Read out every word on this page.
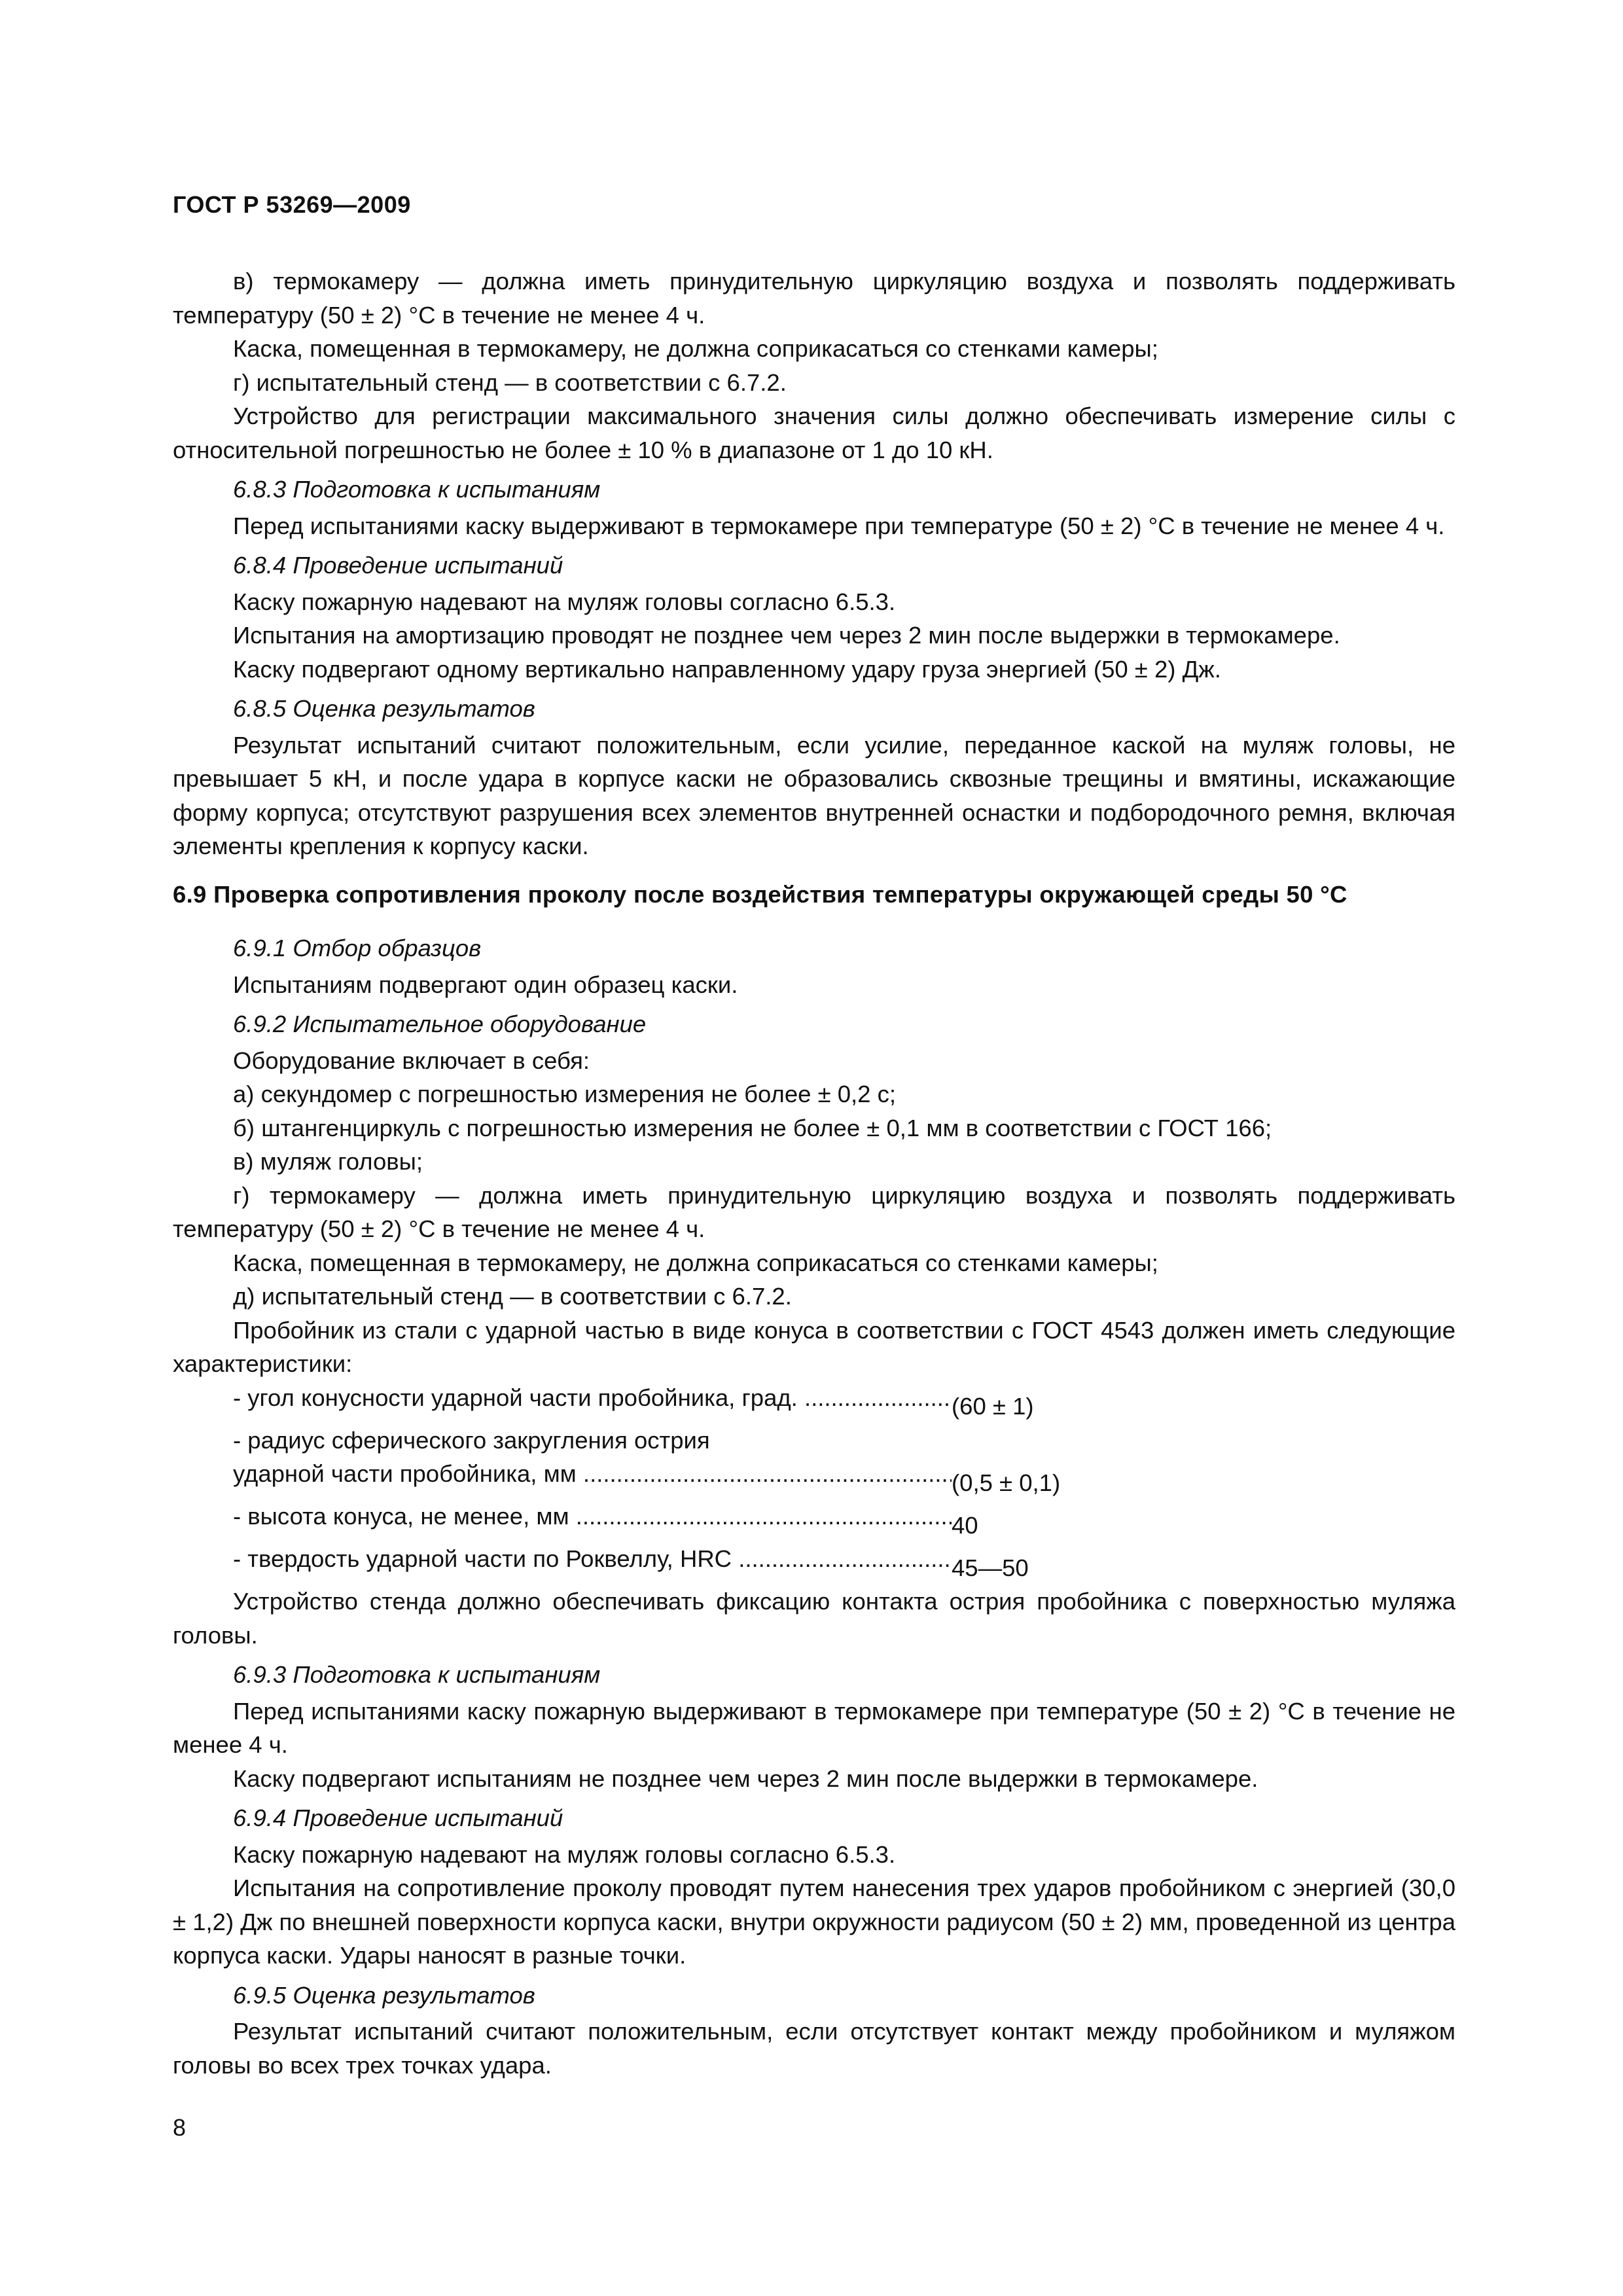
ГОСТ Р 53269—2009

в) термокамеру — должна иметь принудительную циркуляцию воздуха и позволять поддерживать температуру (50 ± 2) °С в течение не менее 4 ч.

Каска, помещенная в термокамеру, не должна соприкасаться со стенками камеры;

г) испытательный стенд — в соответствии с 6.7.2.

Устройство для регистрации максимального значения силы должно обеспечивать измерение силы с относительной погрешностью не более ± 10 % в диапазоне от 1 до 10 кН.

6.8.3 Подготовка к испытаниям

Перед испытаниями каску выдерживают в термокамере при температуре (50 ± 2) °С в течение не менее 4 ч.

6.8.4 Проведение испытаний

Каску пожарную надевают на муляж головы согласно 6.5.3.

Испытания на амортизацию проводят не позднее чем через 2 мин после выдержки в термокамере.

Каску подвергают одному вертикально направленному удару груза энергией (50 ± 2) Дж.

6.8.5 Оценка результатов

Результат испытаний считают положительным, если усилие, переданное каской на муляж головы, не превышает 5 кН, и после удара в корпусе каски не образовались сквозные трещины и вмятины, искажающие форму корпуса; отсутствуют разрушения всех элементов внутренней оснастки и подбородочного ремня, включая элементы крепления к корпусу каски.

6.9 Проверка сопротивления проколу после воздействия температуры окружающей среды 50 °С

6.9.1 Отбор образцов

Испытаниям подвергают один образец каски.

6.9.2 Испытательное оборудование

Оборудование включает в себя:

а) секундомер с погрешностью измерения не более ± 0,2 с;

б) штангенциркуль с погрешностью измерения не более ± 0,1 мм в соответствии с ГОСТ 166;

в) муляж головы;

г) термокамеру — должна иметь принудительную циркуляцию воздуха и позволять поддерживать температуру (50 ± 2) °С в течение не менее 4 ч.

Каска, помещенная в термокамеру, не должна соприкасаться со стенками камеры;

д) испытательный стенд — в соответствии с 6.7.2.

Пробойник из стали с ударной частью в виде конуса в соответствии с ГОСТ 4543 должен иметь следующие характеристики:

- угол конусности ударной части пробойника, град. .....	(60 ± 1)

- радиус сферического закругления острия

ударной части пробойника, мм .....	(0,5 ± 0,1)
- высота конуса, не менее, мм .....	40
- твердость ударной части по Роквеллу, HRC .....	45—50

Устройство стенда должно обеспечивать фиксацию контакта острия пробойника с поверхностью муляжа головы.

6.9.3 Подготовка к испытаниям

Перед испытаниями каску пожарную выдерживают в термокамере при температуре (50 ± 2) °С в течение не менее 4 ч.

Каску подвергают испытаниям не позднее чем через 2 мин после выдержки в термокамере.

6.9.4 Проведение испытаний

Каску пожарную надевают на муляж головы согласно 6.5.3.

Испытания на сопротивление проколу проводят путем нанесения трех ударов пробойником с энергией (30,0 ± 1,2) Дж по внешней поверхности корпуса каски, внутри окружности радиусом (50 ± 2) мм, проведенной из центра корпуса каски. Удары наносят в разные точки.

6.9.5 Оценка результатов

Результат испытаний считают положительным, если отсутствует контакт между пробойником и муляжом головы во всех трех точках удара.

8
